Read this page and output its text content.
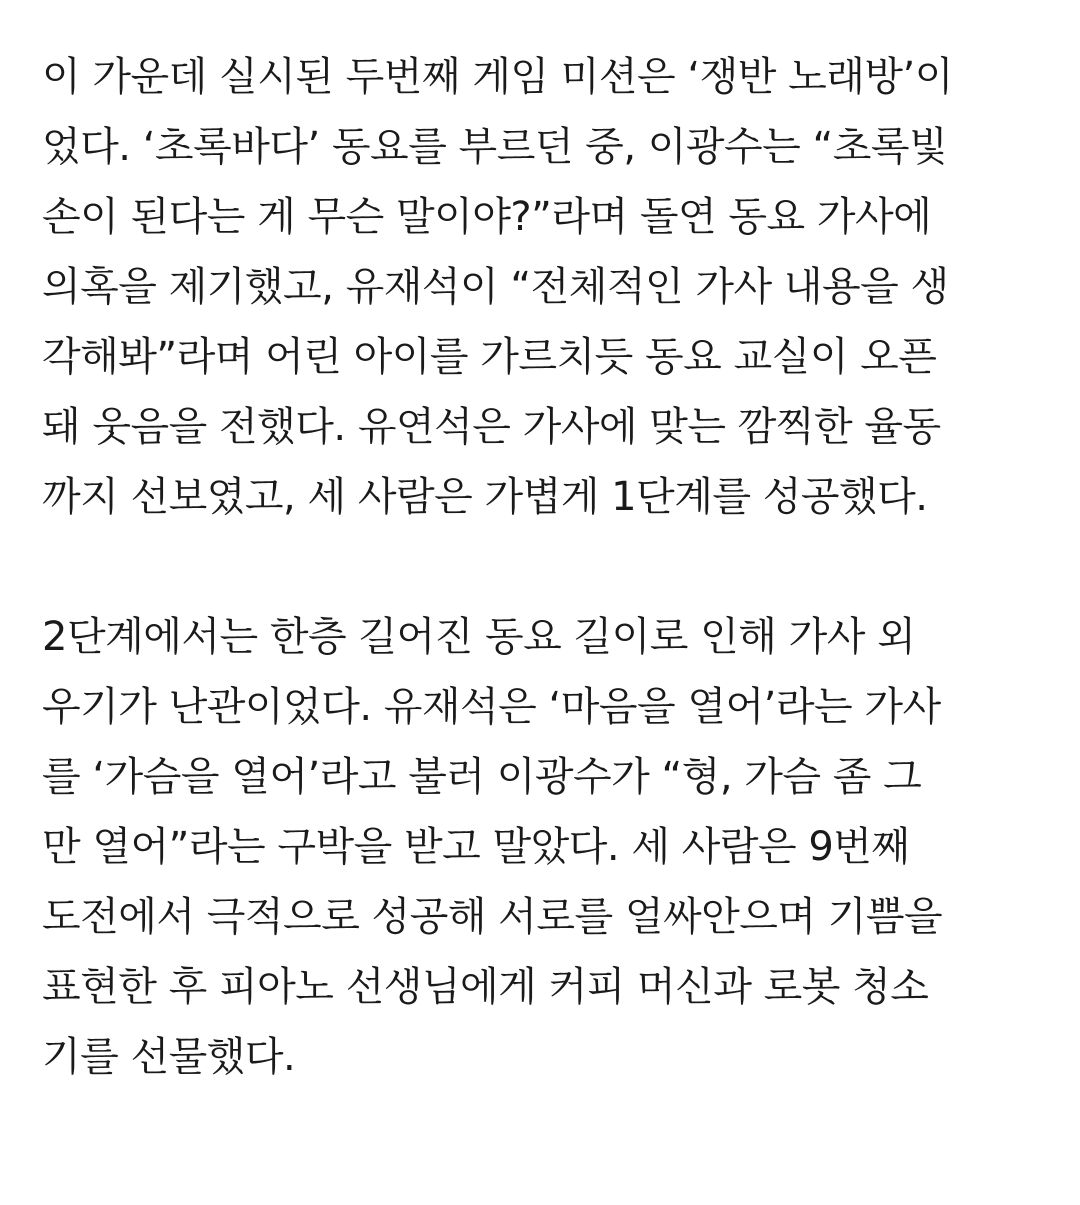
이 가운데 실시된 두번째 게임 미션은 ‘쟁반 노래방’이
었다. ‘초록바다’ 동요를 부르던 중, 이광수는 “초록빛
손이 된다는 게 무슨 말이야?”라며 돌연 동요 가사에
의혹을 제기했고, 유재석이 “전체적인 가사 내용을 생
각해봐”라며 어린 아이를 가르치듯 동요 교실이 오픈
돼 웃음을 전했다. 유연석은 가사에 맞는 깜찍한 율동
까지 선보였고, 세 사람은 가볍게 1단계를 성공했다.
2단계에서는 한층 길어진 동요 길이로 인해 가사 외
우기가 난관이었다. 유재석은 ‘마음을 열어’라는 가사
를 ‘가슴을 열어’라고 불러 이광수가 “형, 가슴 좀 그
만 열어”라는 구박을 받고 말았다. 세 사람은 9번째
도전에서 극적으로 성공해 서로를 얼싸안으며 기쁨을
표현한 후 피아노 선생님에게 커피 머신과 로봇 청소
기를 선물했다.
